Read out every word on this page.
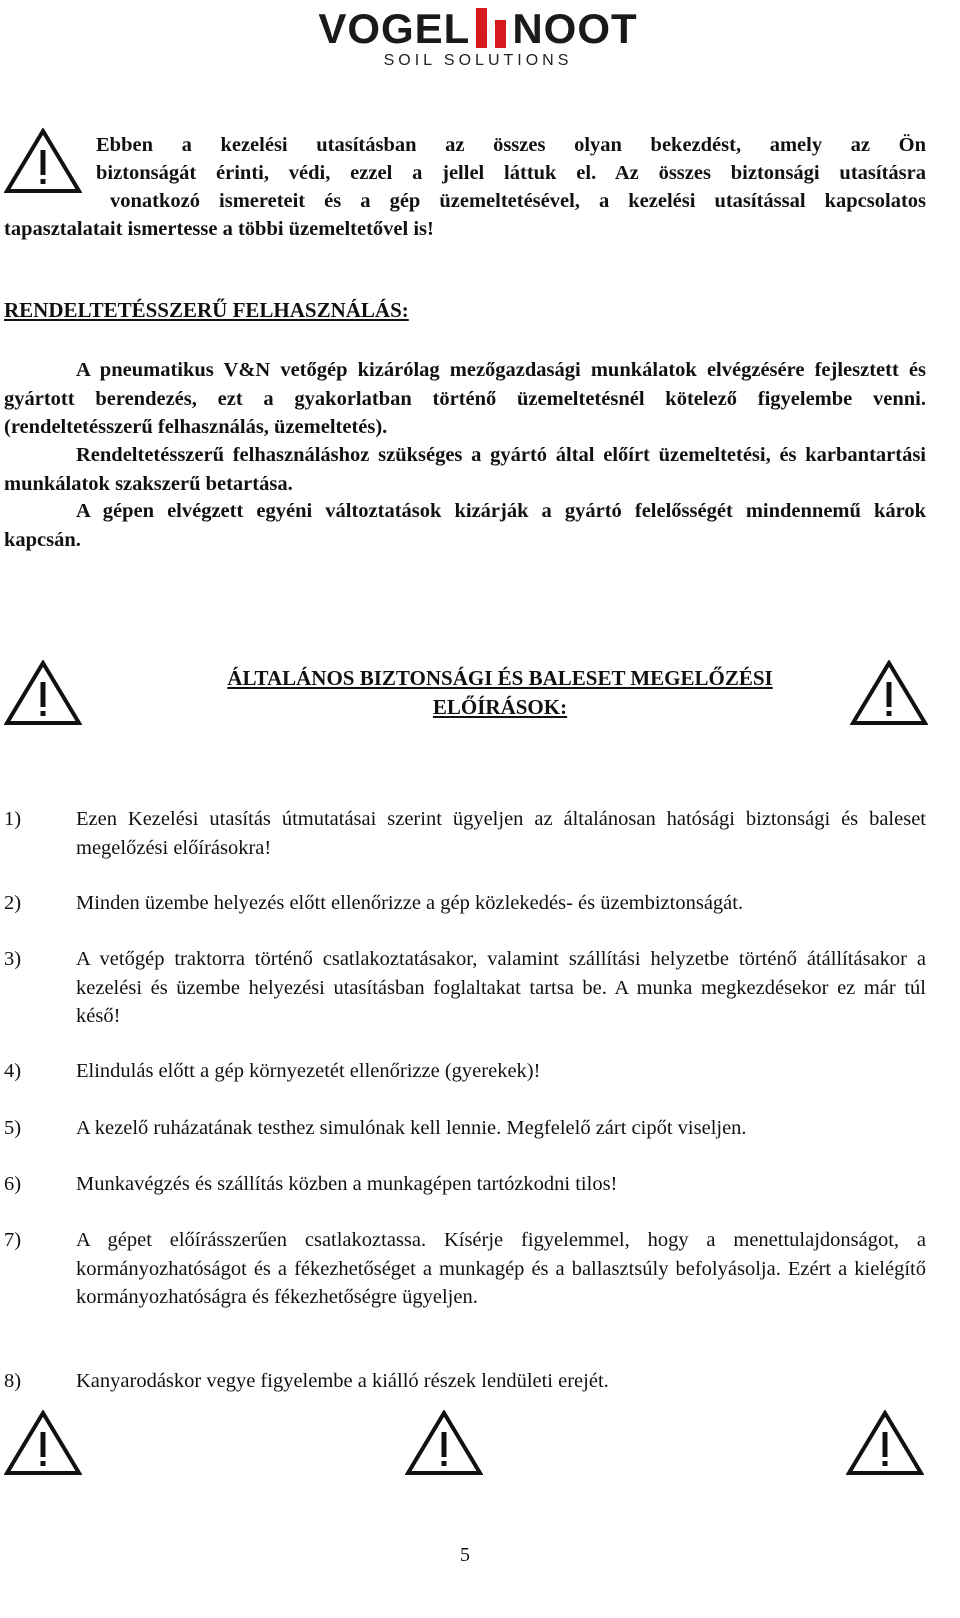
VOGEL NOOT
SOIL SOLUTIONS
Ebben a kezelési utasításban az összes olyan bekezdést, amely az Ön
biztonságát érinti, védi, ezzel a jellel láttuk el. Az összes biztonsági utasításra
vonatkozó ismereteit és a gép üzemeltetésével, a kezelési utasítással kapcsolatos
tapasztalatait ismertesse a többi üzemeltetővel is!
RENDELTETÉSSZERŰ FELHASZNÁLÁS:
A pneumatikus V&N vetőgép kizárólag mezőgazdasági munkálatok elvégzésére fejlesztett és gyártott berendezés, ezt a gyakorlatban történő üzemeltetésnél kötelező figyelembe venni. (rendeltetésszerű felhasználás, üzemeltetés).
Rendeltetésszerű felhasználáshoz szükséges a gyártó által előírt üzemeltetési, és karbantartási munkálatok szakszerű betartása.
A gépen elvégzett egyéni változtatások kizárják a gyártó felelősségét mindennemű károk kapcsán.
ÁLTALÁNOS BIZTONSÁGI ÉS BALESET MEGELŐZÉSI
ELŐÍRÁSOK:
1)	Ezen Kezelési utasítás útmutatásai szerint ügyeljen az általánosan hatósági biztonsági és baleset megelőzési előírásokra!
2)	Minden üzembe helyezés előtt ellenőrizze a gép közlekedés- és üzembiztonságát.
3)	A vetőgép traktorra történő csatlakoztatásakor, valamint szállítási helyzetbe történő átállításakor a kezelési és üzembe helyezési utasításban foglaltakat tartsa be. A munka megkezdésekor ez már túl késő!
4)	Elindulás előtt a gép környezetét ellenőrizze (gyerekek)!
5)	A kezelő ruházatának testhez simulónak kell lennie. Megfelelő zárt cipőt viseljen.
6)	Munkavégzés és szállítás közben a munkagépen tartózkodni tilos!
7)	A gépet előírásszerűen csatlakoztassa. Kísérje figyelemmel, hogy a menettulajdonságot, a kormányozhatóságot és a fékezhetőséget a munkagép és a ballasztsúly befolyásolja. Ezért a kielégítő kormányozhatóságra és fékezhetőségre ügyeljen.
8)	Kanyarodáskor vegye figyelembe a kiálló részek lendületi erejét.
5
